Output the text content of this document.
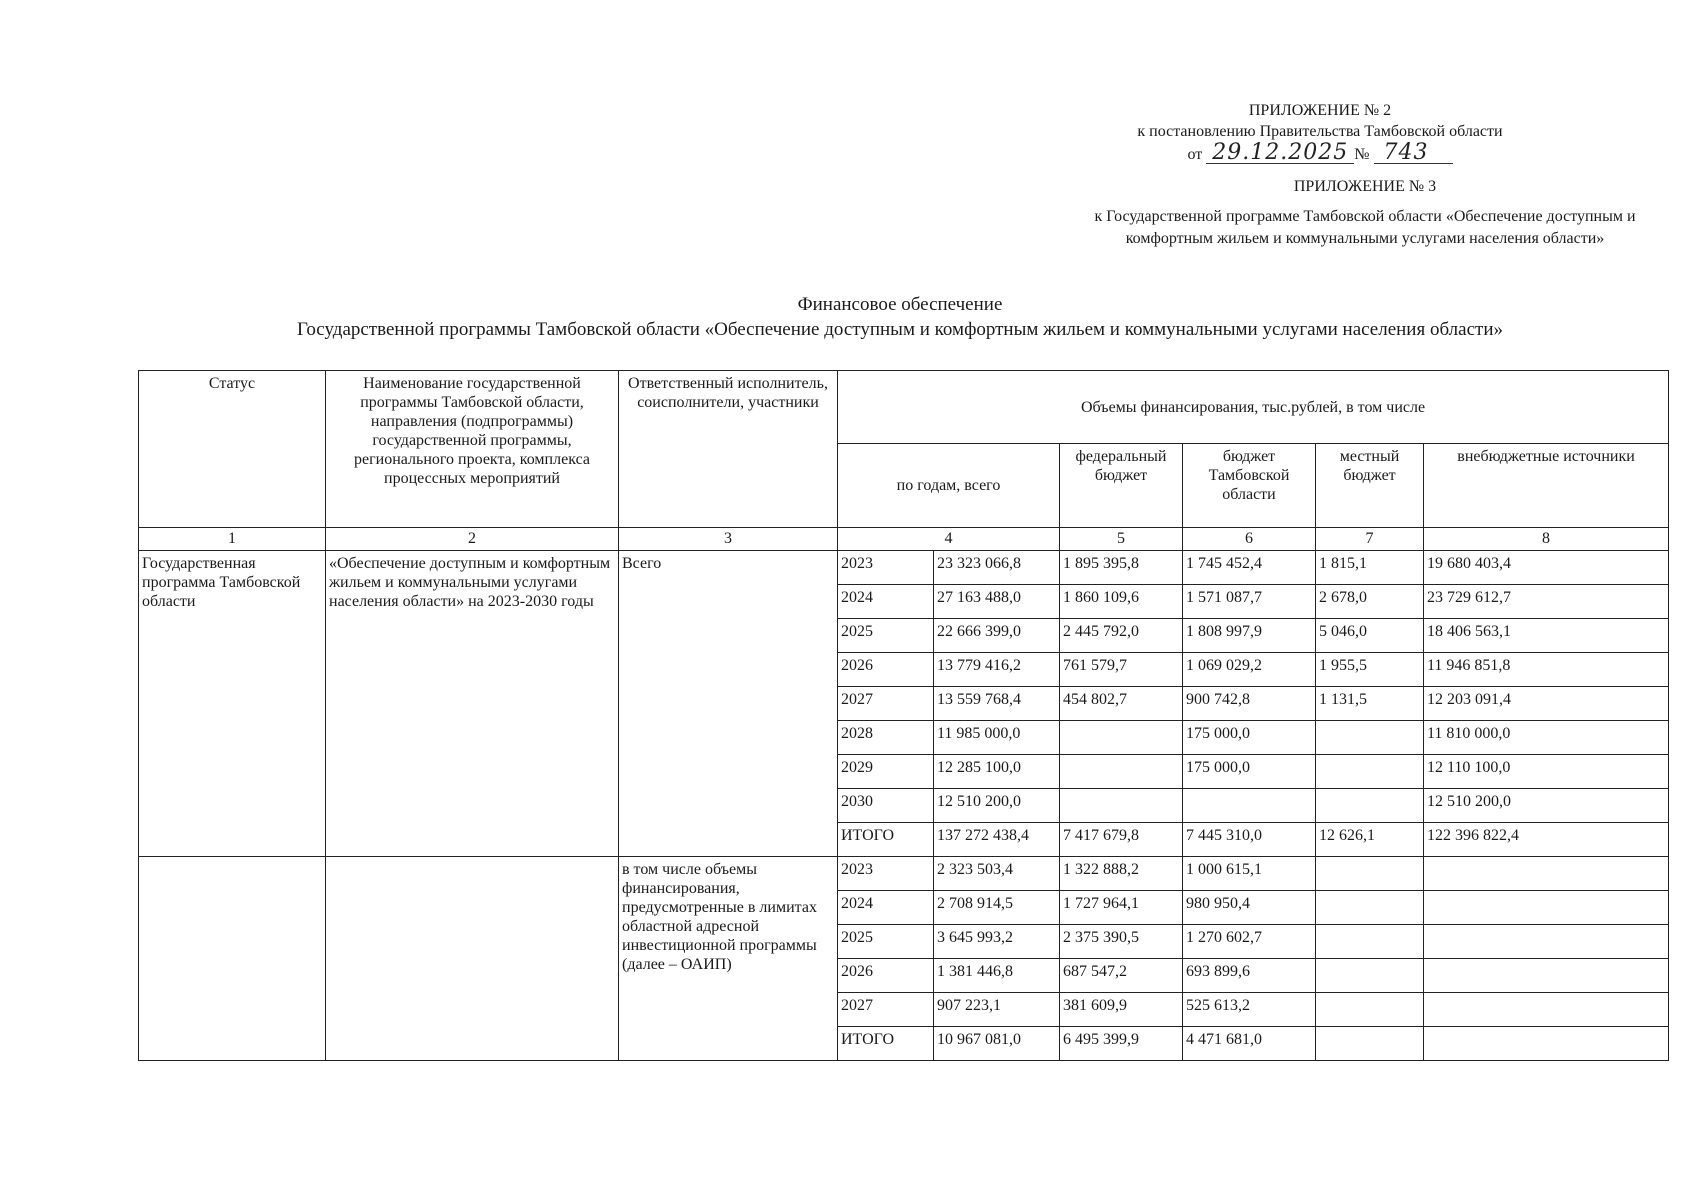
ПРИЛОЖЕНИЕ № 2
к постановлению Правительства Тамбовской области
от 29.12.2025 № 743
ПРИЛОЖЕНИЕ № 3
к Государственной программе Тамбовской области «Обеспечение доступным и комфортным жильем и коммунальными услугами населения области»
Финансовое обеспечение
Государственной программы Тамбовской области «Обеспечение доступным и комфортным жильем и коммунальными услугами населения области»
Статус	Наименование государственной программы Тамбовской области, направления (подпрограммы) государственной программы, регионального проекта, комплекса процессных мероприятий	Ответственный исполнитель, соисполнители, участники	Объемы финансирования, тыс.рублей, в том числе					
			по годам, всего		федеральный бюджет	бюджет Тамбовской области	местный бюджет	внебюджетные источники
1	2	3	4		5	6	7	8
Государственная программа Тамбовской области	«Обеспечение доступным и комфортным жильем и коммунальными услугами населения области» на 2023-2030 годы	Всего	2023	23 323 066,8	1 895 395,8	1 745 452,4	1 815,1	19 680 403,4
			2024	27 163 488,0	1 860 109,6	1 571 087,7	2 678,0	23 729 612,7
			2025	22 666 399,0	2 445 792,0	1 808 997,9	5 046,0	18 406 563,1
			2026	13 779 416,2	761 579,7	1 069 029,2	1 955,5	11 946 851,8
			2027	13 559 768,4	454 802,7	900 742,8	1 131,5	12 203 091,4
			2028	11 985 000,0		175 000,0		11 810 000,0
			2029	12 285 100,0		175 000,0		12 110 100,0
			2030	12 510 200,0				12 510 200,0
			ИТОГО	137 272 438,4	7 417 679,8	7 445 310,0	12 626,1	122 396 822,4
		в том числе объемы финансирования, предусмотренные в лимитах областной адресной инвестиционной программы (далее – ОАИП)	2023	2 323 503,4	1 322 888,2	1 000 615,1		
			2024	2 708 914,5	1 727 964,1	980 950,4		
			2025	3 645 993,2	2 375 390,5	1 270 602,7		
			2026	1 381 446,8	687 547,2	693 899,6		
			2027	907 223,1	381 609,9	525 613,2		
			ИТОГО	10 967 081,0	6 495 399,9	4 471 681,0		
